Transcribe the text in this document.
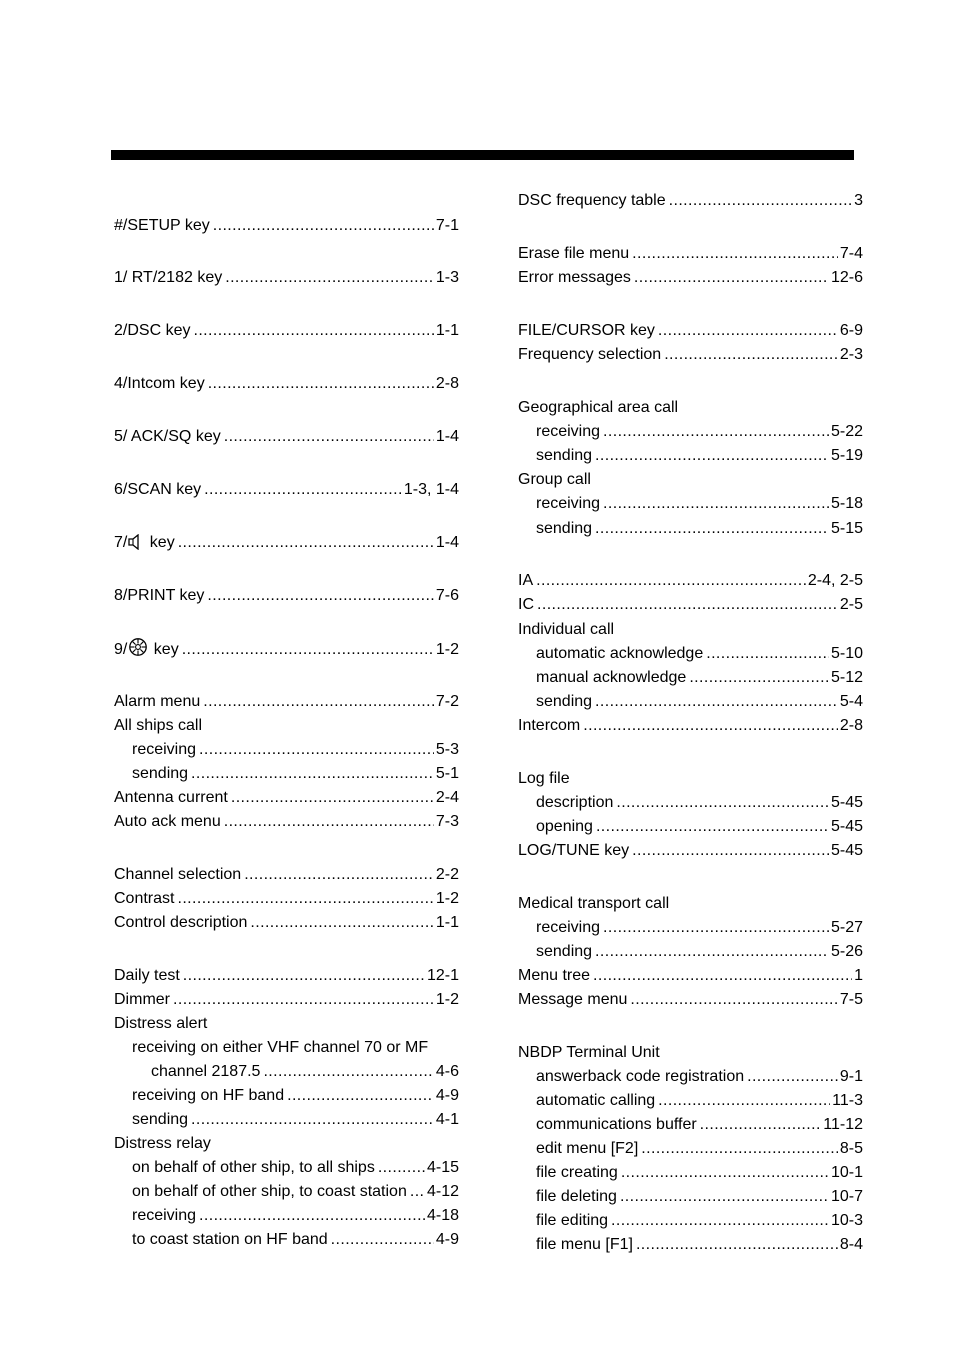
#/SETUP key .....	7-1
1/ RT/2182 key .....	1-3
2/DSC key .....	1-1
4/Intcom key .....	2-8
5/ ACK/SQ key .....	1-4
6/SCAN key .....	1-3, 1-4
7/ key .....	1-4
8/PRINT key .....	7-6
9/ key .....	1-2
Alarm menu .....	7-2
All ships call
receiving .....	5-3
sending .....	5-1
Antenna current .....	2-4
Auto ack menu .....	7-3
Channel selection .....	2-2
Contrast .....	1-2
Control description .....	1-1
Daily test .....	12-1
Dimmer .....	1-2
Distress alert
receiving on either VHF channel 70 or MF
channel 2187.5 .....	4-6
receiving on HF band .....	4-9
sending .....	4-1
Distress relay
on behalf of other ship, to all ships .....	4-15
on behalf of other ship, to coast station ..... 4-12
receiving .....	4-18
to coast station on HF band .....	4-9
DSC frequency table .....	3
Erase file menu .....	7-4
Error messages .....	12-6
FILE/CURSOR key .....	6-9
Frequency selection .....	2-3
Geographical area call
receiving .....	5-22
sending .....	5-19
Group call
receiving .....	5-18
sending .....	5-15
IA .....	2-4, 2-5
IC .....	2-5
Individual call
automatic acknowledge .....	5-10
manual acknowledge .....	5-12
sending .....	5-4
Intercom .....	2-8
Log file
description .....	5-45
opening .....	5-45
LOG/TUNE key .....	5-45
Medical transport call
receiving .....	5-27
sending .....	5-26
Menu tree .....	1
Message menu .....	7-5
NBDP Terminal Unit
answerback code registration .....	9-1
automatic calling .....	11-3
communications buffer .....	11-12
edit menu [F2] .....	8-5
file creating .....	10-1
file deleting .....	10-7
file editing .....	10-3
file menu [F1] .....	8-4
